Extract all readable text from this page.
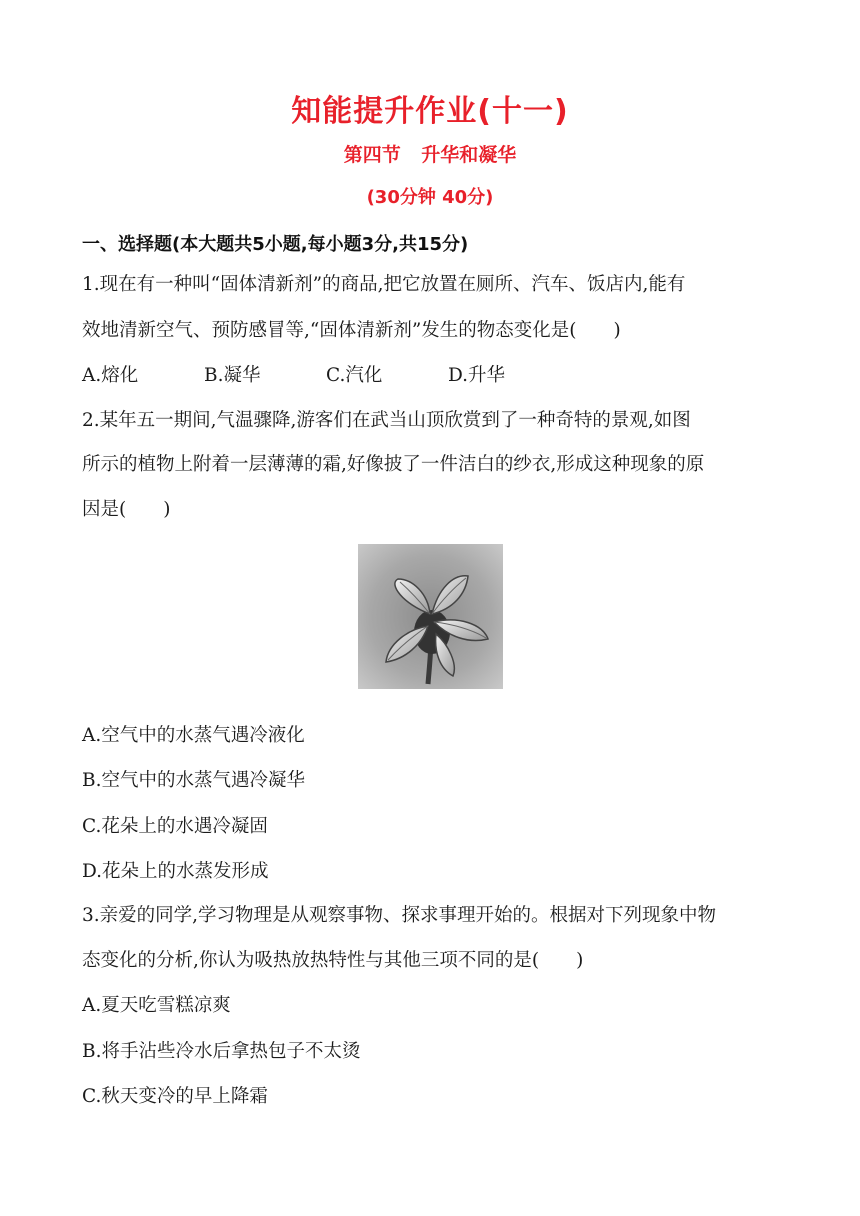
知能提升作业(十一)
第四节 升华和凝华
(30分钟 40分)
一、选择题(本大题共5小题,每小题3分,共15分)
1.现在有一种叫“固体清新剂”的商品,把它放置在厕所、汽车、饭店内,能有
效地清新空气、预防感冒等,“固体清新剂”发生的物态变化是(　　)
A.熔化	B.凝华	C.汽化	D.升华
2.某年五一期间,气温骤降,游客们在武当山顶欣赏到了一种奇特的景观,如图
所示的植物上附着一层薄薄的霜,好像披了一件洁白的纱衣,形成这种现象的原
因是(　　)
A.空气中的水蒸气遇冷液化
B.空气中的水蒸气遇冷凝华
C.花朵上的水遇冷凝固
D.花朵上的水蒸发形成
3.亲爱的同学,学习物理是从观察事物、探求事理开始的。根据对下列现象中物
态变化的分析,你认为吸热放热特性与其他三项不同的是(　　)
A.夏天吃雪糕凉爽
B.将手沾些冷水后拿热包子不太烫
C.秋天变冷的早上降霜
